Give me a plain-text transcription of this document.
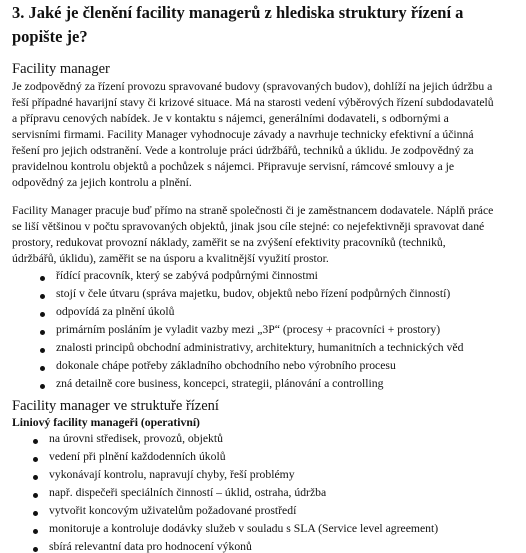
3. Jaké je členění facility managerů z hlediska struktury řízení a
popište je?
Facility manager
Je zodpovědný za řízení provozu spravované budovy (spravovaných budov), dohlíží na jejich údržbu a
řeší případné havarijní stavy či krizové situace. Má na starosti vedení výběrových řízení subdodavatelů
a přípravu cenových nabídek. Je v kontaktu s nájemci, generálními dodavateli, s odbornými a
servisními firmami. Facility Manager vyhodnocuje závady a navrhuje technicky efektivní a účinná
řešení pro jejich odstranění. Vede a kontroluje práci údržbářů, techniků a úklidu. Je zodpovědný za
pravidelnou kontrolu objektů a pochůzek s nájemci. Připravuje servisní, rámcové smlouvy a je
odpovědný za jejich kontrolu a plnění.
Facility Manager pracuje buď přímo na straně společnosti či je zaměstnancem dodavatele. Náplň práce
se liší většinou v počtu spravovaných objektů, jinak jsou cíle stejné: co nejefektivněji spravovat dané
prostory, redukovat provozní náklady, zaměřit se na zvýšení efektivity pracovníků (techniků,
údržbářů, úklidu), zaměřit se na úsporu a kvalitnější využití prostor.
řídící pracovník, který se zabývá podpůrnými činnostmi
stojí v čele útvaru (správa majetku, budov, objektů nebo řízení podpůrných činností)
odpovídá za plnění úkolů
primárním posláním je vyladit vazby mezi „3P“ (procesy + pracovníci + prostory)
znalosti principů obchodní administrativy, architektury, humanitních a technických věd
dokonale chápe potřeby základního obchodního nebo výrobního procesu
zná detailně core business, koncepci, strategii, plánování a controlling
Facility manager ve struktuře řízení
Liniový facility manageři (operativní)
na úrovni středisek, provozů, objektů
vedení při plnění každodenních úkolů
vykonávají kontrolu, napravují chyby, řeší problémy
např. dispečeři speciálních činností – úklid, ostraha, údržba
vytvořit koncovým uživatelům požadované prostředí
monitoruje a kontroluje dodávky služeb v souladu s SLA (Service level agreement)
sbírá relevantní data pro hodnocení výkonů
